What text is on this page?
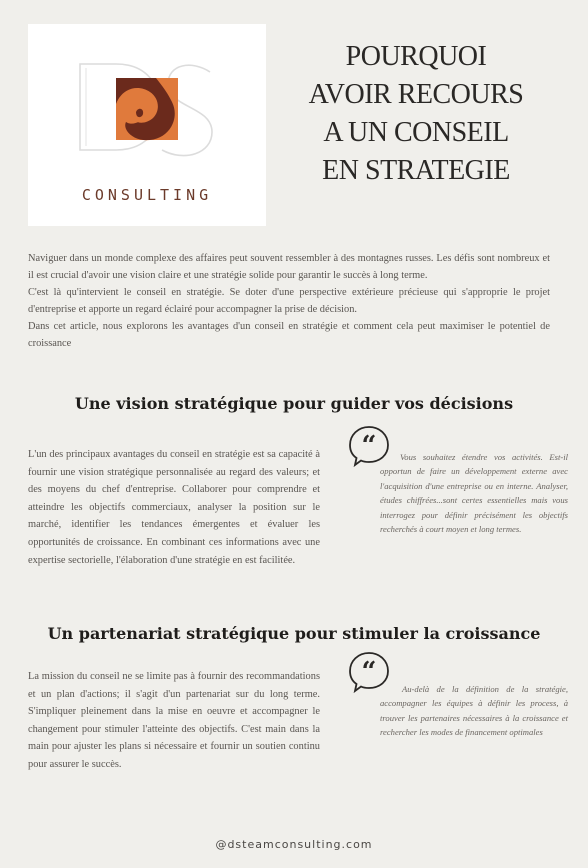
CONSULTING
POURQUOI
AVOIR RECOURS
A UN CONSEIL
EN STRATEGIE

Naviguer dans un monde complexe des affaires peut souvent ressembler à des montagnes russes. Les défis sont nombreux et il est crucial d'avoir une vision claire et une stratégie solide pour garantir le succès à long terme.

C'est là qu'intervient le conseil en stratégie. Se doter d'une perspective extérieure précieuse qui s'approprie le projet d'entreprise et apporte un regard éclairé pour accompagner la prise de décision.

Dans cet article, nous explorons les avantages d'un conseil en stratégie et comment cela peut maximiser le potentiel de croissance

Une vision stratégique pour guider vos décisions
L'un des principaux avantages du conseil en stratégie est sa capacité à fournir une vision stratégique personnalisée au regard des valeurs; et des moyens du chef d'entreprise. Collaborer pour comprendre et atteindre les objectifs commerciaux, analyser la position sur le marché, identifier les tendances émergentes et évaluer les opportunités de croissance. En combinant ces informations avec une expertise sectorielle, l'élaboration d'une stratégie en est facilitée.
“	Vous souhaitez étendre vos activités. Est-il opportun de faire un développement externe avec l'acquisition d'une entreprise ou en interne. Analyser, études chiffrées...sont certes essentielles mais vous interrogez pour définir précisément les objectifs recherchés à court moyen et long termes.
Un partenariat stratégique pour stimuler la croissance
La mission du conseil ne se limite pas à fournir des recommandations et un plan d'actions; il s'agit d'un partenariat sur du long terme. S'impliquer pleinement dans la mise en oeuvre et accompagner le changement pour stimuler l'atteinte des objectifs. C'est main dans la main pour ajuster les plans si nécessaire et fournir un soutien continu pour assurer le succès.
“
Au-delà de la définition de la stratégie, accompagner les équipes à définir les process, à trouver les partenaires nécessaires à la croissance et rechercher les modes de financement optimales
@dsteamconsulting.com
